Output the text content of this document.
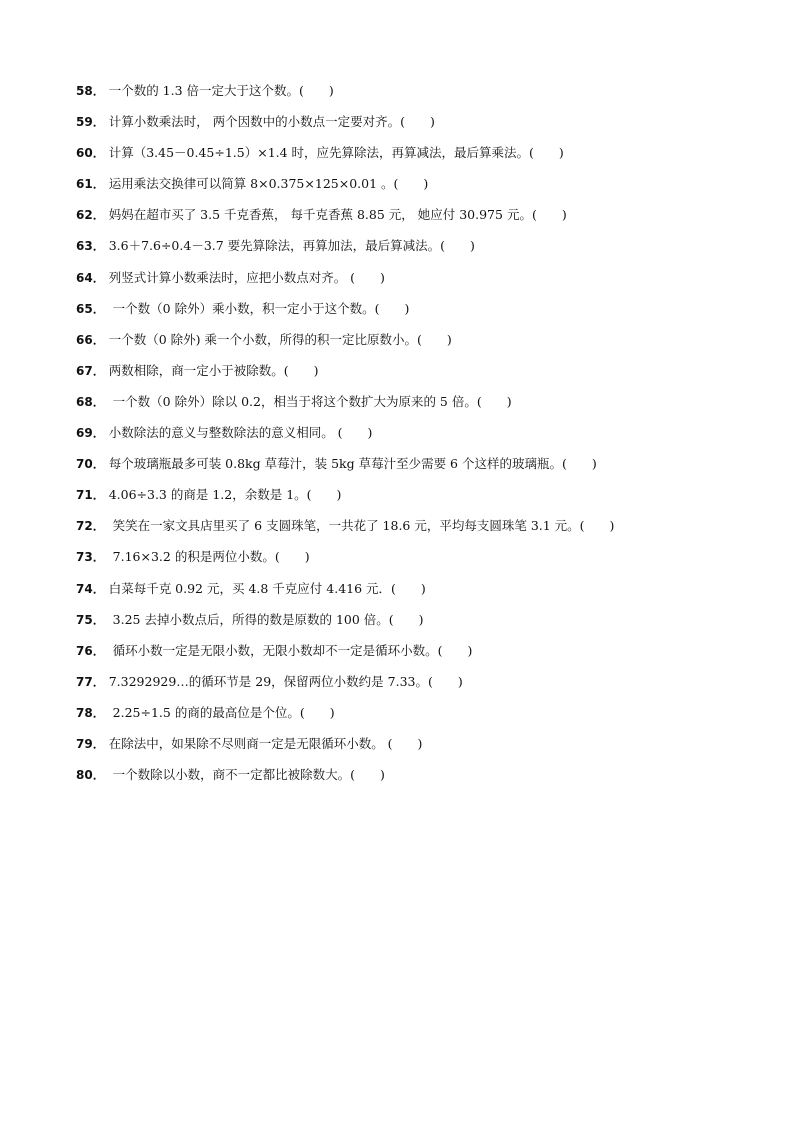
58． 一个数的 1.3 倍一定大于这个数。(　　)
59． 计算小数乘法时， 两个因数中的小数点一定要对齐。(　　)
60． 计算（3.45－0.45÷1.5）×1.4 时，应先算除法，再算减法，最后算乘法。(　　)
61． 运用乘法交换律可以简算 8×0.375×125×0.01 。(　　)
62． 妈妈在超市买了 3.5 千克香蕉， 每千克香蕉 8.85 元， 她应付 30.975 元。(　　)
63． 3.6＋7.6÷0.4－3.7 要先算除法，再算加法，最后算减法。(　　)
64． 列竖式计算小数乘法时，应把小数点对齐。 (　　)
65． 一个数（0 除外）乘小数，积一定小于这个数。(　　)
66． 一个数（0 除外) 乘一个小数，所得的积一定比原数小。(　　)
67． 两数相除，商一定小于被除数。(　　)
68． 一个数（0 除外）除以 0.2，相当于将这个数扩大为原来的 5 倍。(　　)
69． 小数除法的意义与整数除法的意义相同。 (　　)
70． 每个玻璃瓶最多可装 0.8kg 草莓汁，装 5kg 草莓汁至少需要 6 个这样的玻璃瓶。(　　)
71． 4.06÷3.3 的商是 1.2，余数是 1。(　　)
72． 笑笑在一家文具店里买了 6 支圆珠笔，一共花了 18.6 元，平均每支圆珠笔 3.1 元。(　　)
73． 7.16×3.2 的积是两位小数。(　　)
74． 白菜每千克 0.92 元，买 4.8 千克应付 4.416 元．(　　)
75． 3.25 去掉小数点后，所得的数是原数的 100 倍。(　　)
76． 循环小数一定是无限小数，无限小数却不一定是循环小数。(　　)
77． 7.3292929…的循环节是 29，保留两位小数约是 7.33。(　　)
78． 2.25÷1.5 的商的最高位是个位。(　　)
79． 在除法中，如果除不尽则商一定是无限循环小数。 (　　)
80． 一个数除以小数，商不一定都比被除数大。(　　)
